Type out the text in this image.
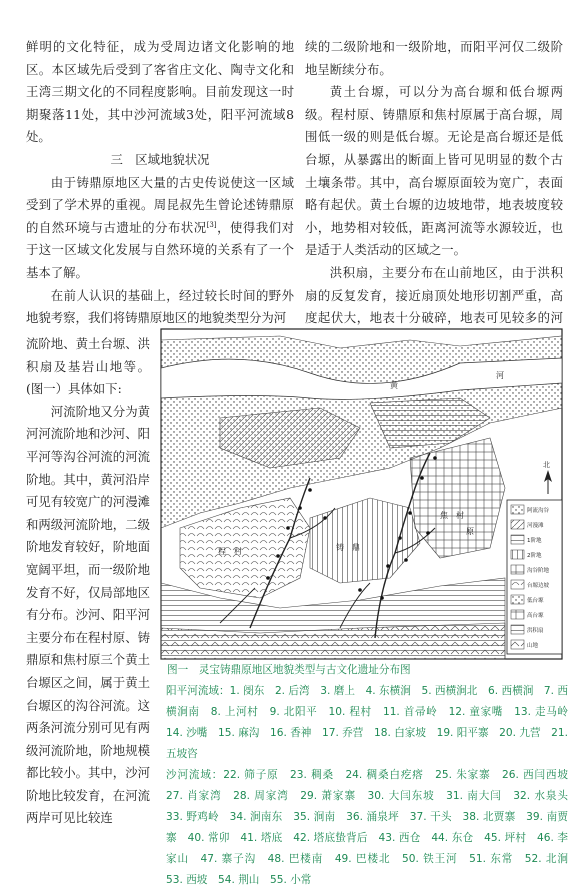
鲜明的文化特征，成为受周边诸文化影响的地区。本区域先后受到了客省庄文化、陶寺文化和王湾三期文化的不同程度影响。目前发现这一时期聚落11处，其中沙河流域3处，阳平河流域8处。

三　区域地貌状况

由于铸鼎原地区大量的古史传说使这一区域受到了学术界的重视。周昆叔先生曾论述铸鼎原的自然环境与古遗址的分布状况[3]，使得我们对于这一区域文化发展与自然环境的关系有了一个基本了解。

在前人认识的基础上，经过较长时间的野外地貌考察，我们将铸鼎原地区的地貌类型分为河

流阶地、黄土台塬、洪积扇及基岩山地等。(图一）具体如下:

河流阶地又分为黄河河流阶地和沙河、阳平河等沟谷河流的河流阶地。其中，黄河沿岸可见有较宽广的河漫滩和两级河流阶地，二级阶地发育较好，阶地面宽阔平坦，而一级阶地发育不好，仅局部地区有分布。沙河、阳平河主要分布在程村原、铸鼎原和焦村原三个黄土台塬区之间，属于黄土台塬区的沟谷河流。这两条河流分别可见有两级河流阶地，阶地规模都比较小。其中，沙河阶地比较发育，在河流两岸可见比较连

续的二级阶地和一级阶地，而阳平河仅二级阶地呈断续分布。

黄土台塬，可以分为高台塬和低台塬两级。程村原、铸鼎原和焦村原属于高台塬，周围低一级的则是低台塬。无论是高台塬还是低台塬，从暴露出的断面上皆可见明显的数个古土壤条带。其中，高台塬原面较为宽广，表面略有起伏。黄土台塬的边坡地带，地表坡度较小，地势相对较低，距离河流等水源较近，也是适于人类活动的区域之一。

洪积扇，主要分布在山前地区，由于洪积扇的反复发育，接近扇顶处地形切割严重，高度起伏大，地表十分破碎，地表可见较多的河

黄
河
程　村	铸　鼎
焦　村
原
北
阿流沟谷
河漫滩
1阶地
2阶地
沟谷阶地
台塬边坡
低台塬
高台塬
洪积扇
山地

图一　灵宝铸鼎原地区地貌类型与古文化遗址分布图

阳平河流域：1. 阌东　2. 后湾　3. 磨上　4. 东横涧　5. 西横涧北　6. 西横涧　7. 西横涧南　8. 上河村　9. 北阳平　10. 程村　11. 首帚岭　12. 童家嘴　13. 走马岭　14. 沙嘴　15. 麻沟　16. 香神　17. 乔营　18. 白家坡　19. 阳平寨　20. 九营　21. 五坡咨

沙河流域：22. 筛子原　23. 稠桑　24. 稠桑白疙瘩　25. 朱家寨　26. 西闫西坡　27. 肖家湾　28. 周家湾　29. 萧家寨　30. 大闫东坡　31. 南大闫　32. 水泉头　33. 野鸡岭　34. 涧南东　35. 涧南　36. 涌泉坪　37. 干头　38. 北贾寨　39. 南贾寨　40. 常卯　41. 塔底　42. 塔底蛰背后　43. 西仓　44. 东仓　45. 坪村　46. 李家山　47. 寨子沟　48. 巴楼南　49. 巴楼北　50. 铁王河　51. 东常　52. 北涧　53. 西坡　54. 荆山　55. 小常
